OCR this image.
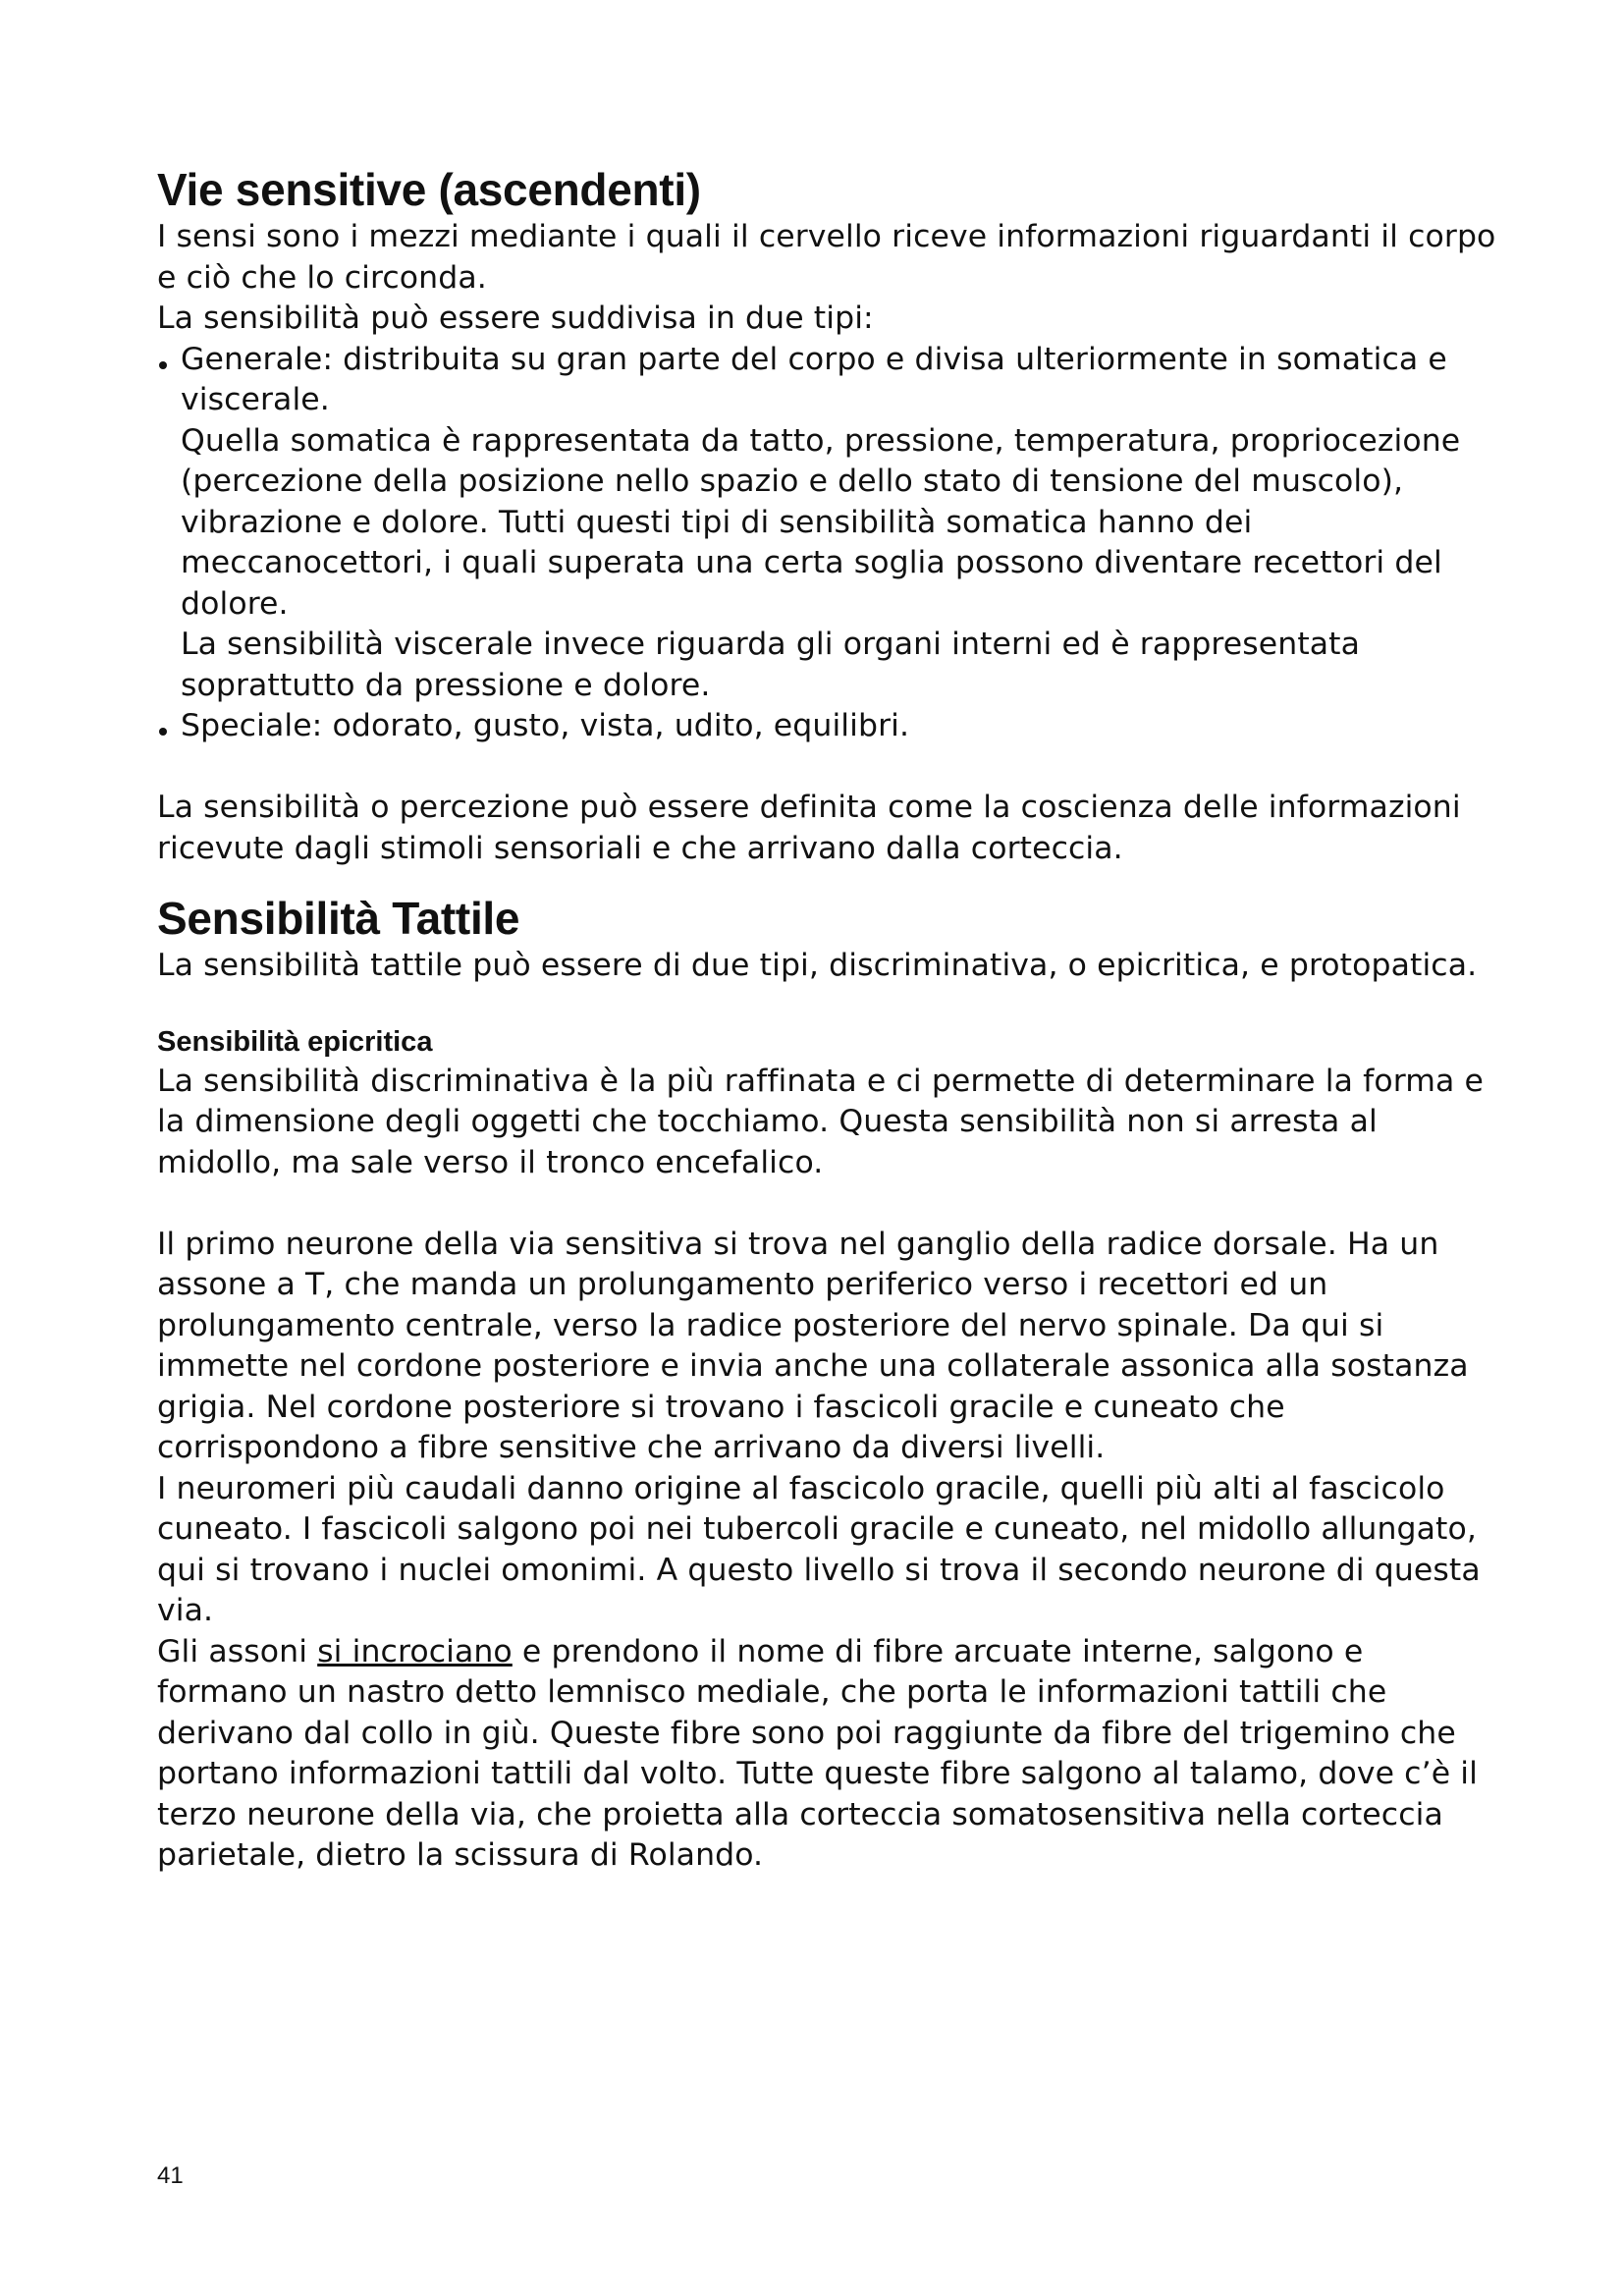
Vie sensitive (ascendenti)

I sensi sono i mezzi mediante i quali il cervello riceve informazioni riguardanti il corpo e ciò che lo circonda.

La sensibilità può essere suddivisa in due tipi:

Generale: distribuita su gran parte del corpo e divisa ulteriormente in somatica e viscerale.

Quella somatica è rappresentata da tatto, pressione, temperatura, propriocezione (percezione della posizione nello spazio e dello stato di tensione del muscolo), vibrazione e dolore. Tutti questi tipi di sensibilità somatica hanno dei meccanocettori, i quali superata una certa soglia possono diventare recettori del dolore.

La sensibilità viscerale invece riguarda gli organi interni ed è rappresentata soprattutto da pressione e dolore.

Speciale: odorato, gusto, vista, udito, equilibri.

La sensibilità o percezione può essere definita come la coscienza delle informazioni ricevute dagli stimoli sensoriali e che arrivano dalla corteccia.

Sensibilità Tattile

La sensibilità tattile può essere di due tipi, discriminativa, o epicritica, e protopatica.

Sensibilità epicritica

La sensibilità discriminativa è la più raffinata e ci permette di determinare la forma e la dimensione degli oggetti che tocchiamo. Questa sensibilità non si arresta al midollo, ma sale verso il tronco encefalico.

Il primo neurone della via sensitiva si trova nel ganglio della radice dorsale. Ha un assone a T, che manda un prolungamento periferico verso i recettori ed un prolungamento centrale, verso la radice posteriore del nervo spinale. Da qui si immette nel cordone posteriore e invia anche una collaterale assonica alla sostanza grigia. Nel cordone posteriore si trovano i fascicoli gracile e cuneato che corrispondono a fibre sensitive che arrivano da diversi livelli.

I neuromeri più caudali danno origine al fascicolo gracile, quelli più alti al fascicolo cuneato. I fascicoli salgono poi nei tubercoli gracile e cuneato, nel midollo allungato, qui si trovano i nuclei omonimi. A questo livello si trova il secondo neurone di questa via.

Gli assoni si incrociano e prendono il nome di fibre arcuate interne, salgono e formano un nastro detto lemnisco mediale, che porta le informazioni tattili che derivano dal collo in giù. Queste fibre sono poi raggiunte da fibre del trigemino che portano informazioni tattili dal volto. Tutte queste fibre salgono al talamo, dove c’è il terzo neurone della via, che proietta alla corteccia somatosensitiva nella corteccia parietale, dietro la scissura di Rolando.

41
